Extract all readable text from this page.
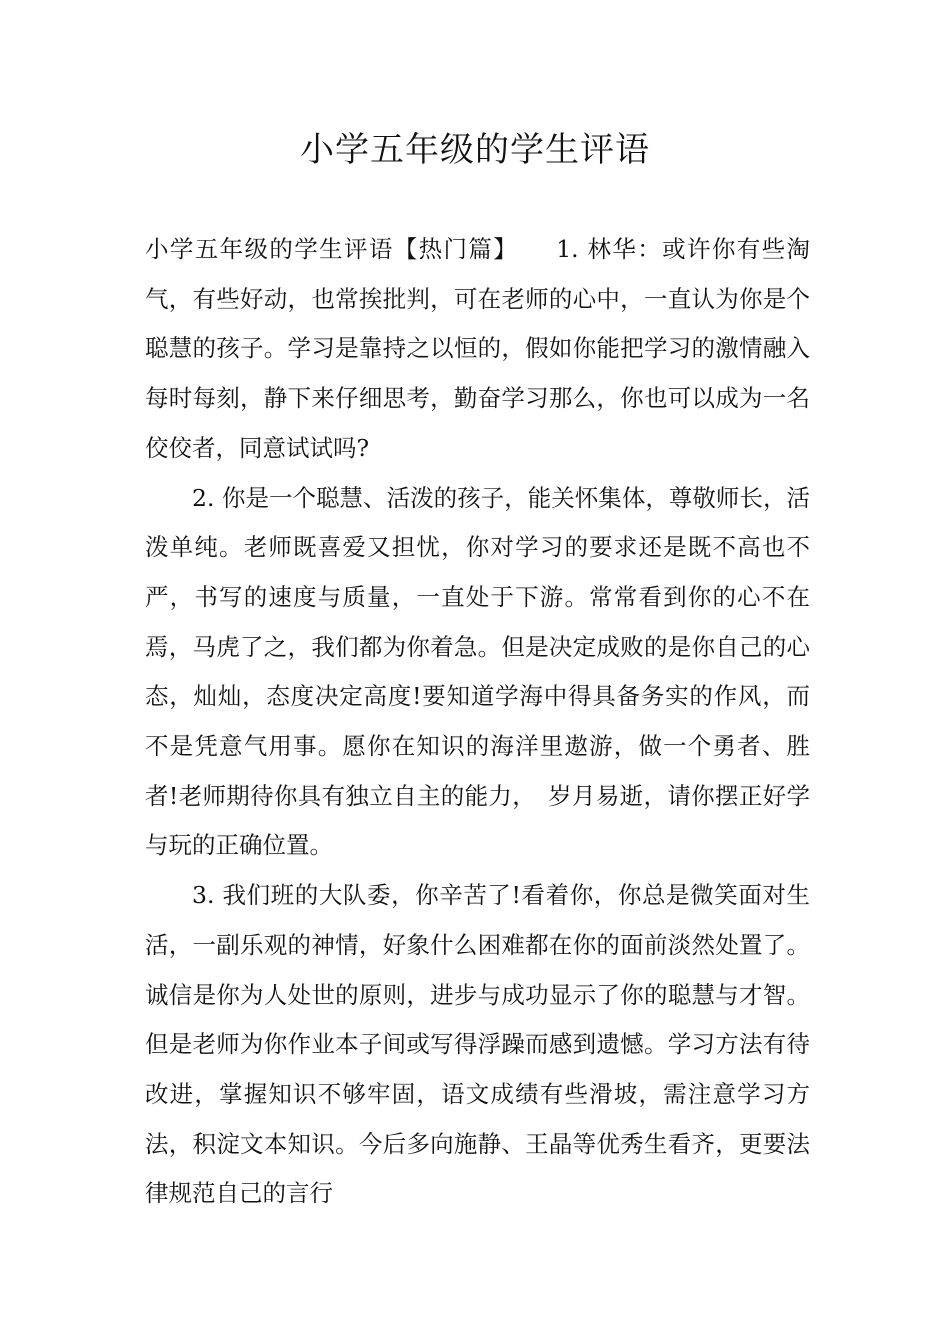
小学五年级的学生评语

小学五年级的学生评语【热门篇】　　1. 林华：或许你有些淘气，有些好动，也常挨批判，可在老师的心中，一直认为你是个聪慧的孩子。学习是靠持之以恒的，假如你能把学习的激情融入每时每刻，静下来仔细思考，勤奋学习那么，你也可以成为一名佼佼者，同意试试吗?

2. 你是一个聪慧、活泼的孩子，能关怀集体，尊敬师长，活泼单纯。老师既喜爱又担忧，你对学习的要求还是既不高也不严，书写的速度与质量，一直处于下游。常常看到你的心不在焉，马虎了之，我们都为你着急。但是决定成败的是你自己的心态，灿灿，态度决定高度!要知道学海中得具备务实的作风，而不是凭意气用事。愿你在知识的海洋里遨游，做一个勇者、胜者!老师期待你具有独立自主的能力，　岁月易逝，请你摆正好学与玩的正确位置。

3. 我们班的大队委，你辛苦了!看着你，你总是微笑面对生活，一副乐观的神情，好象什么困难都在你的面前淡然处置了。诚信是你为人处世的原则，进步与成功显示了你的聪慧与才智。但是老师为你作业本子间或写得浮躁而感到遗憾。学习方法有待改进，掌握知识不够牢固，语文成绩有些滑坡，需注意学习方法，积淀文本知识。今后多向施静、王晶等优秀生看齐，更要法律规范自己的言行
